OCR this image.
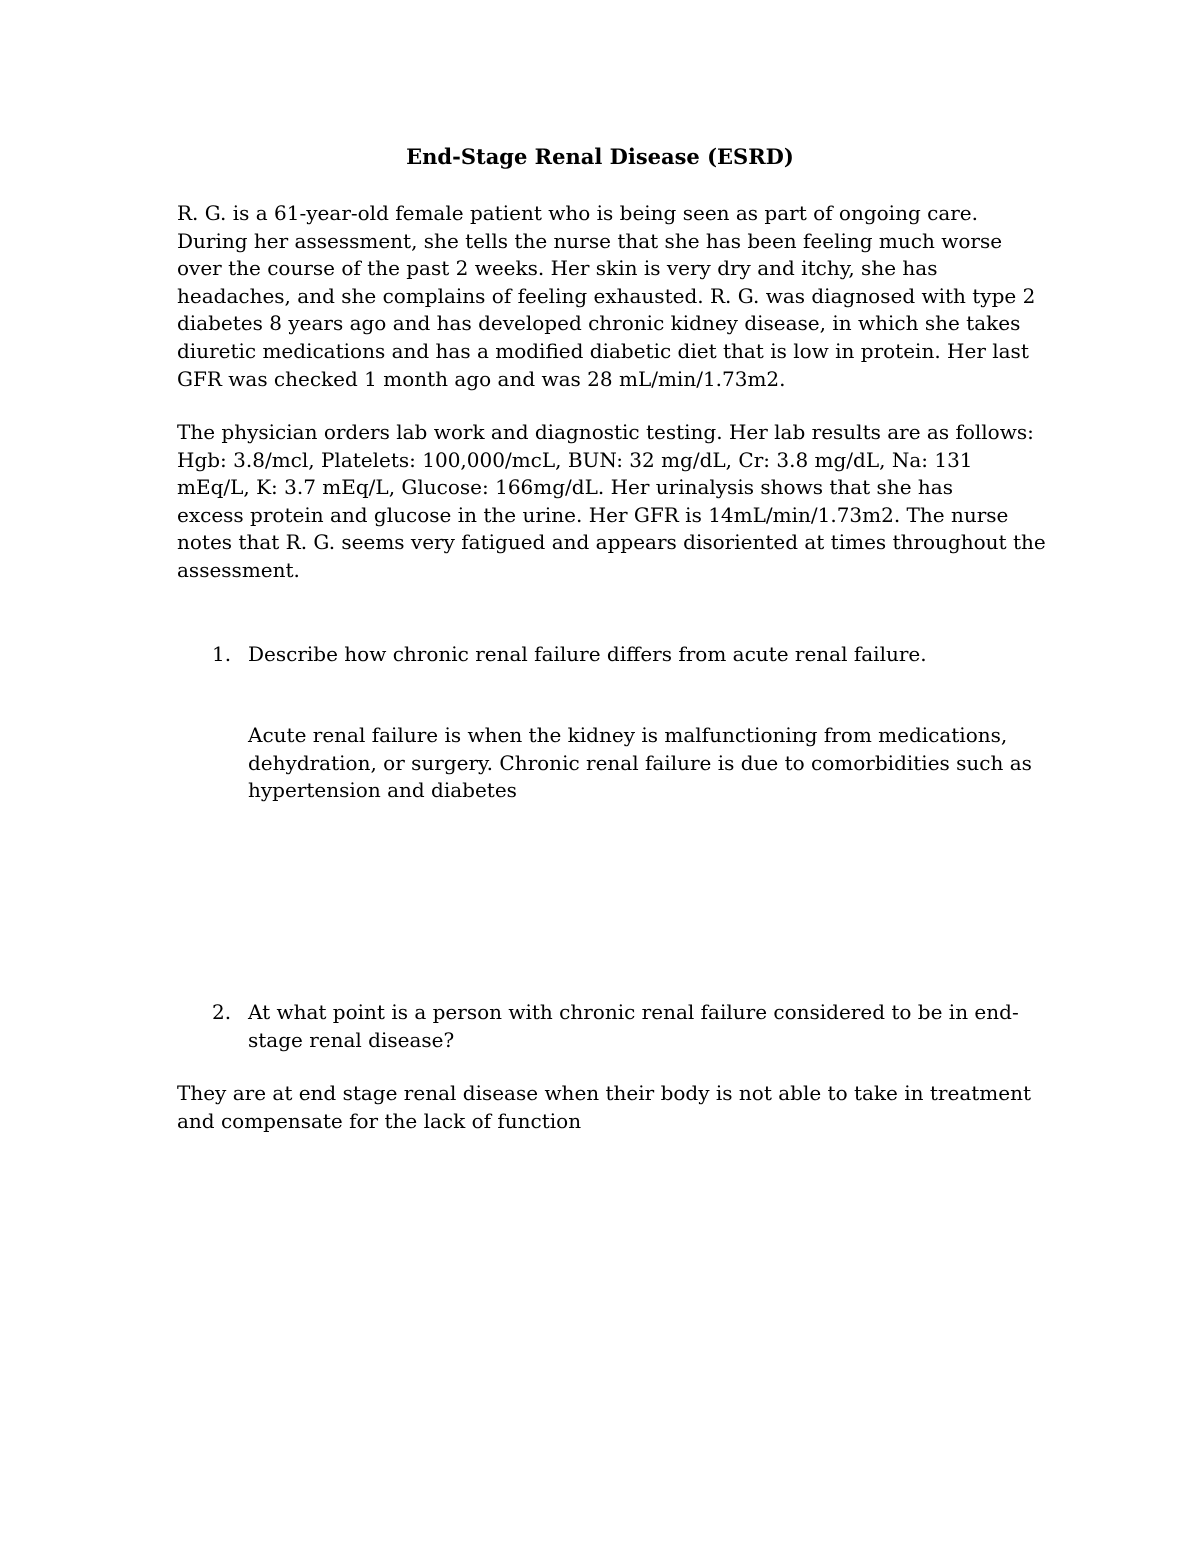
End-Stage Renal Disease (ESRD)
R. G. is a 61-year-old female patient who is being seen as part of ongoing care.
During her assessment, she tells the nurse that she has been feeling much worse
over the course of the past 2 weeks. Her skin is very dry and itchy, she has
headaches, and she complains of feeling exhausted. R. G. was diagnosed with type 2
diabetes 8 years ago and has developed chronic kidney disease, in which she takes
diuretic medications and has a modified diabetic diet that is low in protein. Her last
GFR was checked 1 month ago and was 28 mL/min/1.73m2.
The physician orders lab work and diagnostic testing. Her lab results are as follows:
Hgb: 3.8/mcl, Platelets: 100,000/mcL, BUN: 32 mg/dL, Cr: 3.8 mg/dL, Na: 131
mEq/L, K: 3.7 mEq/L, Glucose: 166mg/dL. Her urinalysis shows that she has
excess protein and glucose in the urine. Her GFR is 14mL/min/1.73m2. The nurse
notes that R. G. seems very fatigued and appears disoriented at times throughout the
assessment.
1. Describe how chronic renal failure differs from acute renal failure.
Acute renal failure is when the kidney is malfunctioning from medications,
dehydration, or surgery. Chronic renal failure is due to comorbidities such as
hypertension and diabetes
2. At what point is a person with chronic renal failure considered to be in end-
stage renal disease?
They are at end stage renal disease when their body is not able to take in treatment
and compensate for the lack of function
